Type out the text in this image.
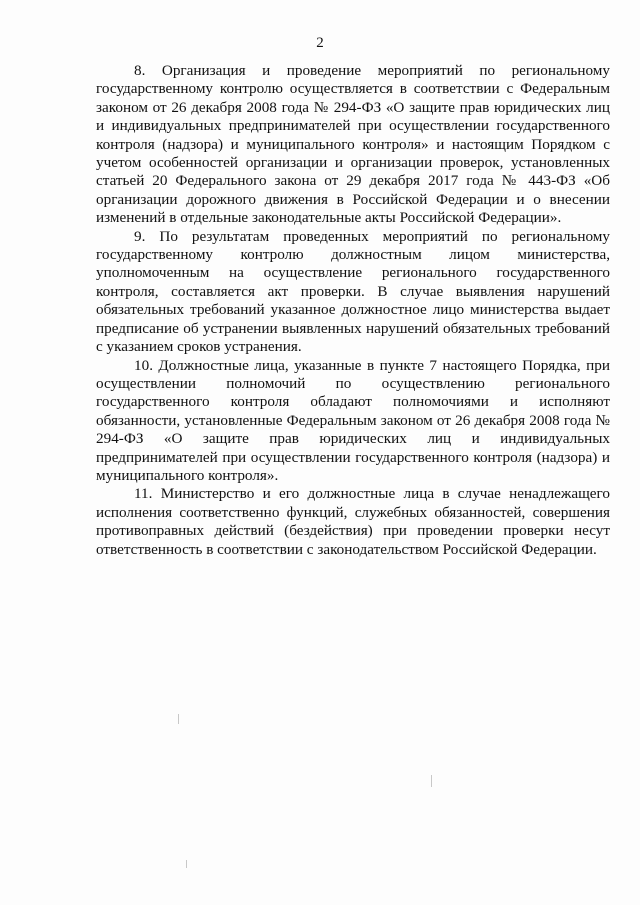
2

8. Организация и проведение мероприятий по региональному государственному контролю осуществляется в соответствии с Федеральным законом от 26 декабря 2008 года № 294-ФЗ «О защите прав юридических лиц и индивидуальных предпринимателей при осуществлении государственного контроля (надзора) и муниципального контроля» и настоящим Порядком с учетом особенностей организации и организации проверок, установленных статьей 20 Федерального закона от 29 декабря 2017 года № 443-ФЗ «Об организации дорожного движения в Российской Федерации и о внесении изменений в отдельные законодательные акты Российской Федерации».

9. По результатам проведенных мероприятий по региональному государственному контролю должностным лицом министерства, уполномоченным на осуществление регионального государственного контроля, составляется акт проверки. В случае выявления нарушений обязательных требований указанное должностное лицо министерства выдает предписание об устранении выявленных нарушений обязательных требований с указанием сроков устранения.

10. Должностные лица, указанные в пункте 7 настоящего Порядка, при осуществлении полномочий по осуществлению регионального государственного контроля обладают полномочиями и исполняют обязанности, установленные Федеральным законом от 26 декабря 2008 года № 294-ФЗ «О защите прав юридических лиц и индивидуальных предпринимателей при осуществлении государственного контроля (надзора) и муниципального контроля».

11. Министерство и его должностные лица в случае ненадлежащего исполнения соответственно функций, служебных обязанностей, совершения противоправных действий (бездействия) при проведении проверки несут ответственность в соответствии с законодательством Российской Федерации.
